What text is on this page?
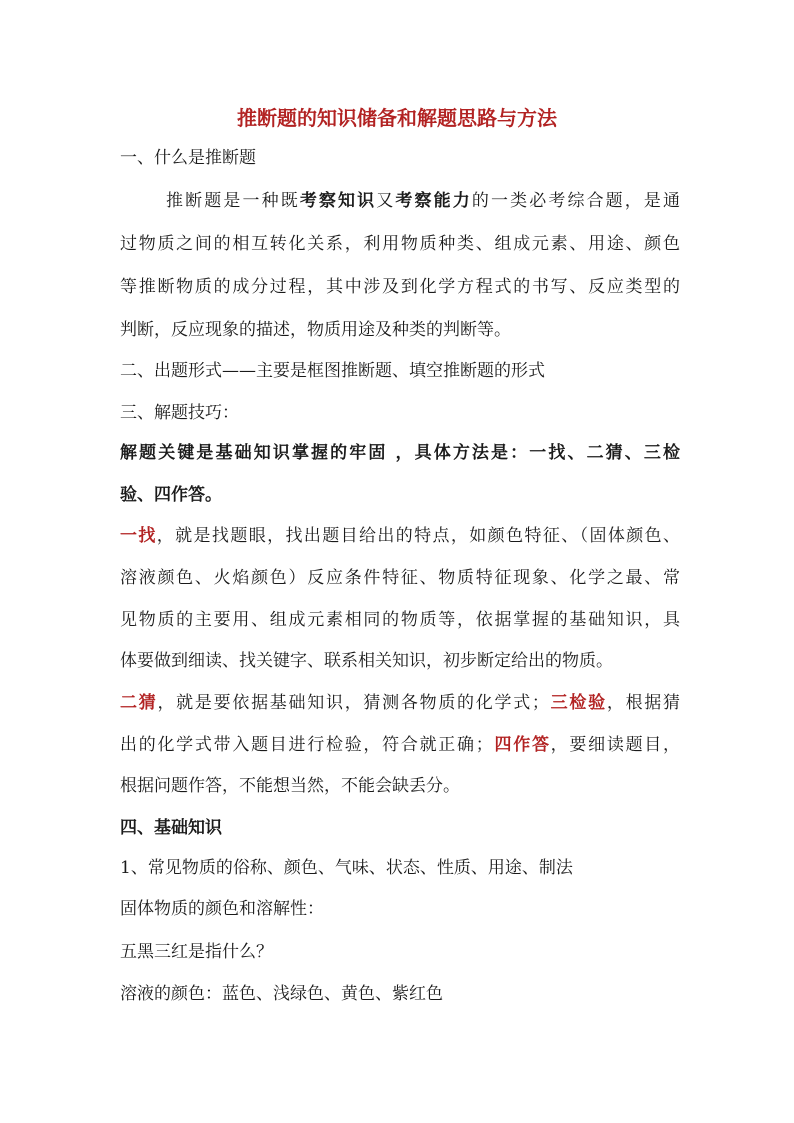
推断题的知识储备和解题思路与方法
一、什么是推断题
推断题是一种既考察知识又考察能力的一类必考综合题，是通
过物质之间的相互转化关系，利用物质种类、组成元素、用途、颜色
等推断物质的成分过程，其中涉及到化学方程式的书写、反应类型的
判断，反应现象的描述，物质用途及种类的判断等。
二、出题形式——主要是框图推断题、填空推断题的形式
三、解题技巧：
解题关键是基础知识掌握的牢固 ，具体方法是：一找、二猜、三检
验、四作答。
一找，就是找题眼，找出题目给出的特点，如颜色特征、（固体颜色、
溶液颜色、火焰颜色）反应条件特征、物质特征现象、化学之最、常
见物质的主要用、组成元素相同的物质等，依据掌握的基础知识，具
体要做到细读、找关键字、联系相关知识，初步断定给出的物质。
二猜，就是要依据基础知识，猜测各物质的化学式；三检验，根据猜
出的化学式带入题目进行检验，符合就正确；四作答，要细读题目，
根据问题作答，不能想当然，不能会缺丢分。
四、基础知识
1、常见物质的俗称、颜色、气味、状态、性质、用途、制法
固体物质的颜色和溶解性：
五黑三红是指什么？
溶液的颜色：蓝色、浅绿色、黄色、紫红色
